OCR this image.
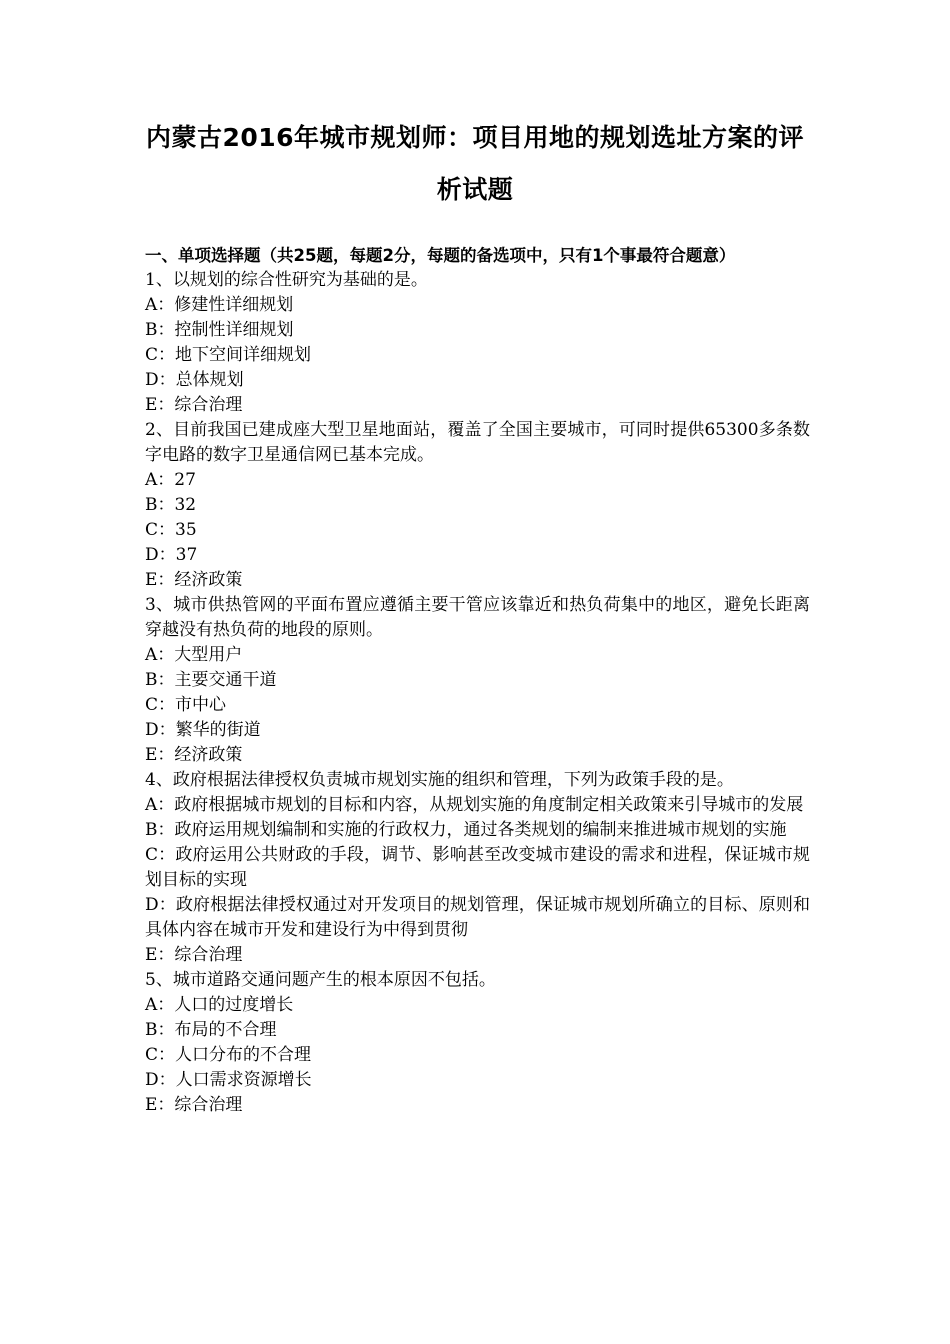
内蒙古2016年城市规划师：项目用地的规划选址方案的评析试题
一、单项选择题（共25题，每题2分，每题的备选项中，只有1个事最符合题意）

1、以规划的综合性研究为基础的是。

A：修建性详细规划

B：控制性详细规划

C：地下空间详细规划

D：总体规划

E：综合治理

2、目前我国已建成座大型卫星地面站，覆盖了全国主要城市，可同时提供65300多条数字电路的数字卫星通信网已基本完成。

A：27

B：32

C：35

D：37

E：经济政策

3、城市供热管网的平面布置应遵循主要干管应该靠近和热负荷集中的地区，避免长距离穿越没有热负荷的地段的原则。

A：大型用户

B：主要交通干道

C：市中心

D：繁华的街道

E：经济政策

4、政府根据法律授权负责城市规划实施的组织和管理，下列为政策手段的是。

A：政府根据城市规划的目标和内容，从规划实施的角度制定相关政策来引导城市的发展

B：政府运用规划编制和实施的行政权力，通过各类规划的编制来推进城市规划的实施

C：政府运用公共财政的手段，调节、影响甚至改变城市建设的需求和进程，保证城市规划目标的实现

D：政府根据法律授权通过对开发项目的规划管理，保证城市规划所确立的目标、原则和具体内容在城市开发和建设行为中得到贯彻

E：综合治理

5、城市道路交通问题产生的根本原因不包括。

A：人口的过度增长

B：布局的不合理

C：人口分布的不合理

D：人口需求资源增长

E：综合治理
